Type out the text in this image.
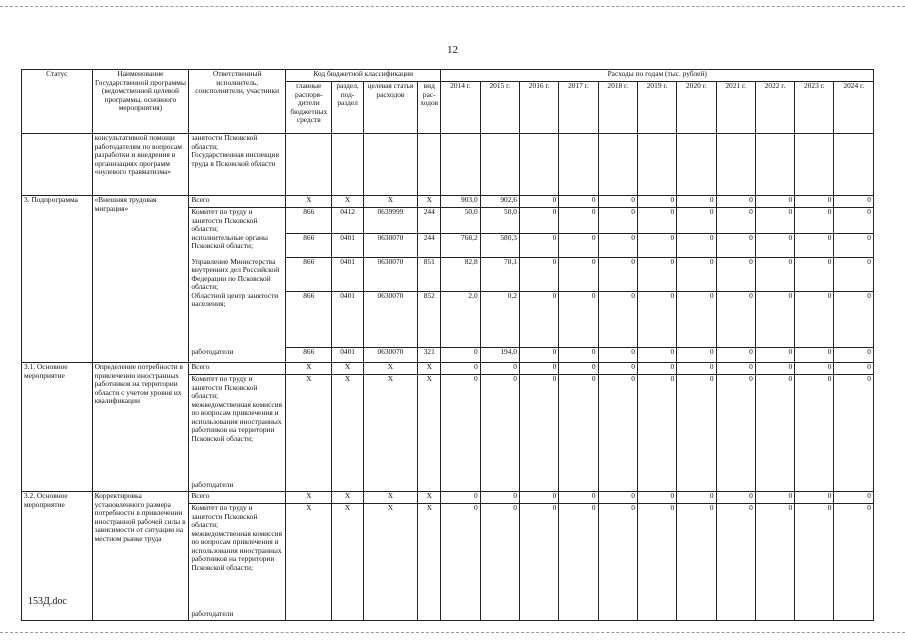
12
Статус	Наименование Государственной программы (ведомственной целевой программы, основного мероприятия)	Ответственный исполнитель, соисполнители, участники	Код бюджетной классификации				Расходы по годам (тыс. рублей)										
			главные распоря-дители бюджетных средств	раздел, под-раздел	целевая статья расходов	вид рас-ходов	2014 г.	2015 г.	2016 г.	2017 г.	2018 г.	2019 г.	2020 г.	2021 г.	2022 г.	2023 г.	2024 г.
	консультативной помощи работодателям по вопросам разработки и внедрения в организациях программ «нулевого травматизма»	занятости Псковской области;
Государственная инспекция труда в Псковской области															

3. Подпрограмма	«Внешняя трудовая миграция»	Всего	X	X	X	X	903,0	902,6	0	0	0	0	0	0	0	0	0
		Комитет по труду и занятости Псковской области;	866	0412	0639999	244	50,0	50,0	0	0	0	0	0	0	0	0	0
		исполнительные органы Псковской области;	866	0401	0630070	244	768,2	580,3	0	0	0	0	0	0	0	0	0
		Управление Министерства внутренних дел Российской Федерации по Псковской области;	866	0401	0630070	851	82,8	78,1	0	0	0	0	0	0	0	0	0
		Областной центр занятости населения;	866	0401	0630070	852	2,0	0,2	0	0	0	0	0	0	0	0	0
		работодатели	866	0401	0630070	321	0	194,0	0	0	0	0	0	0	0	0	0
3.1. Основное мероприятие	Определение потребности в привлечении иностранных работников на территории области с учетом уровня их квалификации	Всего	X	X	X	X	0	0	0	0	0	0	0	0	0	0	0
		Комитет по труду и занятости Псковской области;	X	X	X	X	0	0	0	0	0	0	0	0	0	0	0
		межведомственная комиссия по вопросам привлечения и использования иностранных работников на территории Псковской области;															
		работодатели															
3.2. Основное мероприятие	Корректировка установленного размера потребности в привлечении иностранной рабочей силы в зависимости от ситуации на местном рынке труда	Всего	X	X	X	X	0	0	0	0	0	0	0	0	0	0	0
		Комитет по труду и занятости Псковской области;	X	X	X	X	0	0	0	0	0	0	0	0	0	0	0
		межведомственная комиссия по вопросам привлечения и использования иностранных работников на территории Псковской области;															
		работодатели															
153Д.doc
